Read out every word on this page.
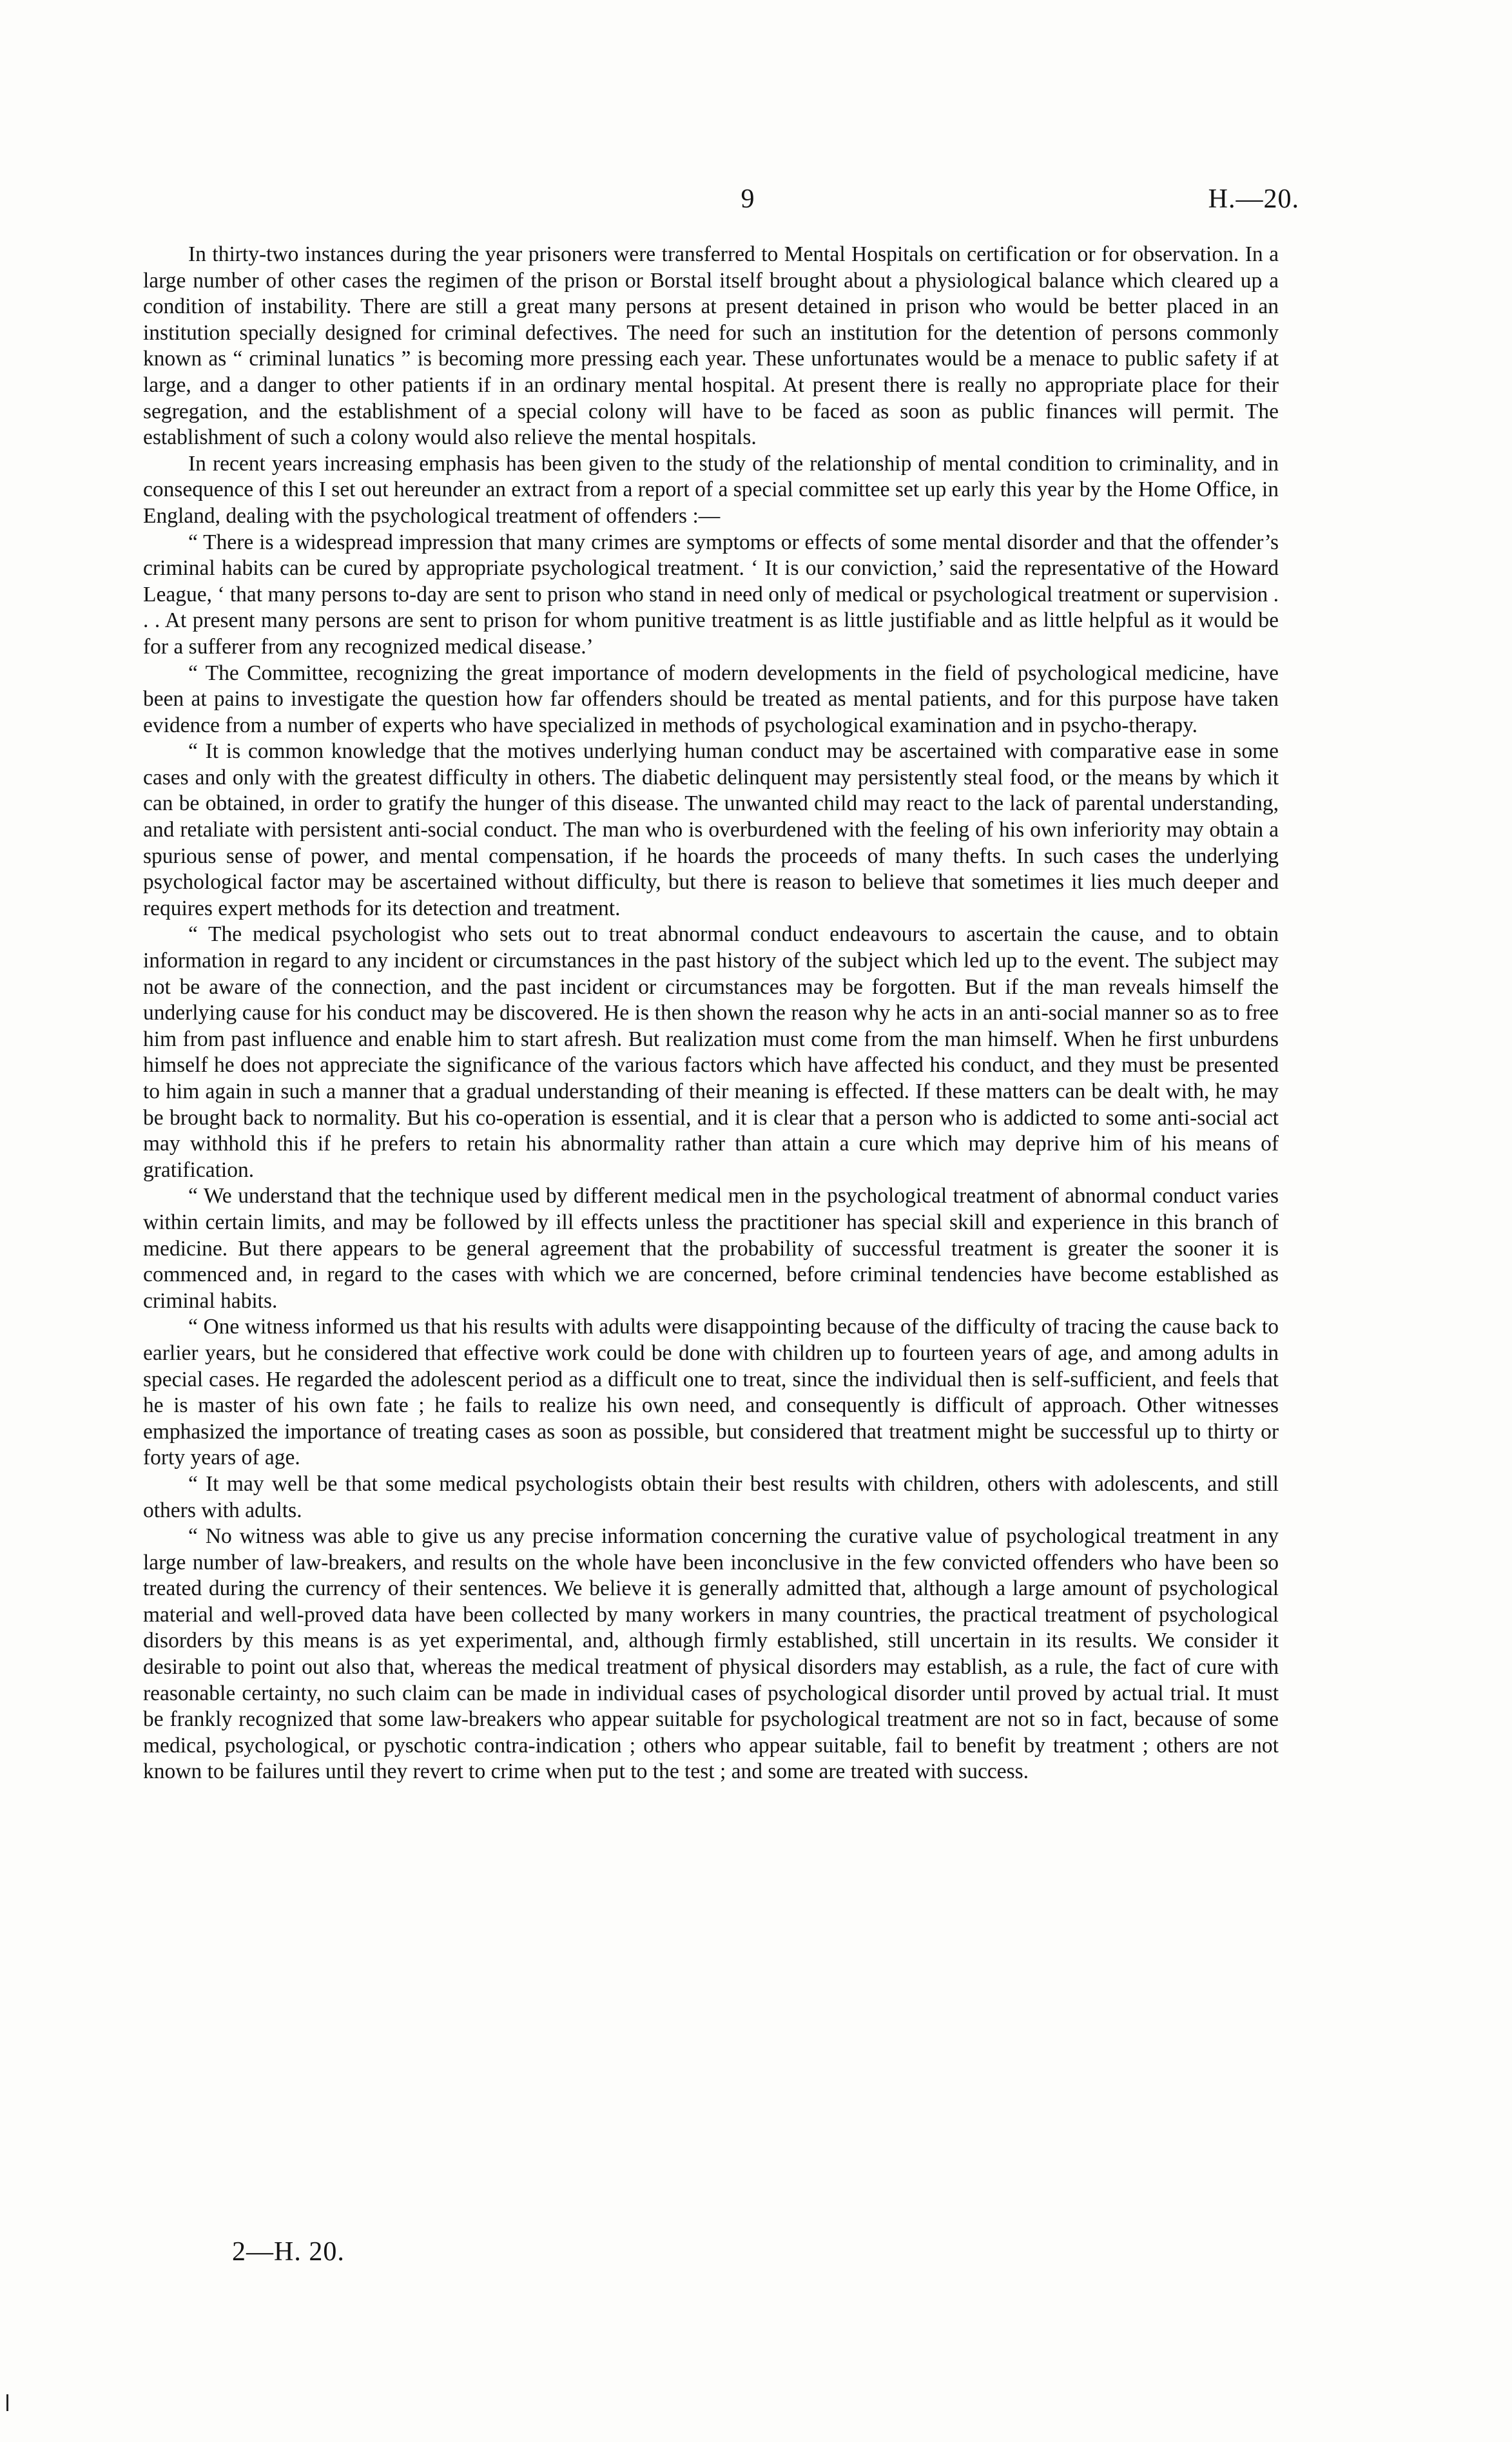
9	H.—20.

In thirty-two instances during the year prisoners were transferred to Mental Hospitals on certification or for observation. In a large number of other cases the regimen of the prison or Borstal itself brought about a physiological balance which cleared up a condition of instability. There are still a great many persons at present detained in prison who would be better placed in an institution specially designed for criminal defectives. The need for such an institution for the detention of persons commonly known as “ criminal lunatics ” is becoming more pressing each year. These unfortunates would be a menace to public safety if at large, and a danger to other patients if in an ordinary mental hospital. At present there is really no appropriate place for their segregation, and the establishment of a special colony will have to be faced as soon as public finances will permit. The establishment of such a colony would also relieve the mental hospitals.

In recent years increasing emphasis has been given to the study of the relationship of mental condition to criminality, and in consequence of this I set out hereunder an extract from a report of a special committee set up early this year by the Home Office, in England, dealing with the psychological treatment of offenders :—

“ There is a widespread impression that many crimes are symptoms or effects of some mental disorder and that the offender’s criminal habits can be cured by appropriate psychological treatment. ‘ It is our conviction,’ said the representative of the Howard League, ‘ that many persons to-day are sent to prison who stand in need only of medical or psychological treatment or supervision . . . At present many persons are sent to prison for whom punitive treatment is as little justifiable and as little helpful as it would be for a sufferer from any recognized medical disease.’

“ The Committee, recognizing the great importance of modern developments in the field of psychological medicine, have been at pains to investigate the question how far offenders should be treated as mental patients, and for this purpose have taken evidence from a number of experts who have specialized in methods of psychological examination and in psycho-therapy.

“ It is common knowledge that the motives underlying human conduct may be ascertained with comparative ease in some cases and only with the greatest difficulty in others. The diabetic delinquent may persistently steal food, or the means by which it can be obtained, in order to gratify the hunger of this disease. The unwanted child may react to the lack of parental understanding, and retaliate with persistent anti-social conduct. The man who is overburdened with the feeling of his own inferiority may obtain a spurious sense of power, and mental compensation, if he hoards the proceeds of many thefts. In such cases the underlying psychological factor may be ascertained without difficulty, but there is reason to believe that sometimes it lies much deeper and requires expert methods for its detection and treatment.

“ The medical psychologist who sets out to treat abnormal conduct endeavours to ascertain the cause, and to obtain information in regard to any incident or circumstances in the past history of the subject which led up to the event. The subject may not be aware of the connection, and the past incident or circumstances may be forgotten. But if the man reveals himself the underlying cause for his conduct may be discovered. He is then shown the reason why he acts in an anti-social manner so as to free him from past influence and enable him to start afresh. But realization must come from the man himself. When he first unburdens himself he does not appreciate the significance of the various factors which have affected his conduct, and they must be presented to him again in such a manner that a gradual understanding of their meaning is effected. If these matters can be dealt with, he may be brought back to normality. But his co-operation is essential, and it is clear that a person who is addicted to some anti-social act may withhold this if he prefers to retain his abnormality rather than attain a cure which may deprive him of his means of gratification.

“ We understand that the technique used by different medical men in the psychological treatment of abnormal conduct varies within certain limits, and may be followed by ill effects unless the practitioner has special skill and experience in this branch of medicine. But there appears to be general agreement that the probability of successful treatment is greater the sooner it is commenced and, in regard to the cases with which we are concerned, before criminal tendencies have become established as criminal habits.

“ One witness informed us that his results with adults were disappointing because of the difficulty of tracing the cause back to earlier years, but he considered that effective work could be done with children up to fourteen years of age, and among adults in special cases. He regarded the adolescent period as a difficult one to treat, since the individual then is self-sufficient, and feels that he is master of his own fate ; he fails to realize his own need, and consequently is difficult of approach. Other witnesses emphasized the importance of treating cases as soon as possible, but considered that treatment might be successful up to thirty or forty years of age.

“ It may well be that some medical psychologists obtain their best results with children, others with adolescents, and still others with adults.

“ No witness was able to give us any precise information concerning the curative value of psychological treatment in any large number of law-breakers, and results on the whole have been inconclusive in the few convicted offenders who have been so treated during the currency of their sentences. We believe it is generally admitted that, although a large amount of psychological material and well-proved data have been collected by many workers in many countries, the practical treatment of psychological disorders by this means is as yet experimental, and, although firmly established, still uncertain in its results. We consider it desirable to point out also that, whereas the medical treatment of physical disorders may establish, as a rule, the fact of cure with reasonable certainty, no such claim can be made in individual cases of psychological disorder until proved by actual trial. It must be frankly recognized that some law-breakers who appear suitable for psychological treatment are not so in fact, because of some medical, psychological, or pyschotic contra-indication ; others who appear suitable, fail to benefit by treatment ; others are not known to be failures until they revert to crime when put to the test ; and some are treated with success.

2—H. 20.
